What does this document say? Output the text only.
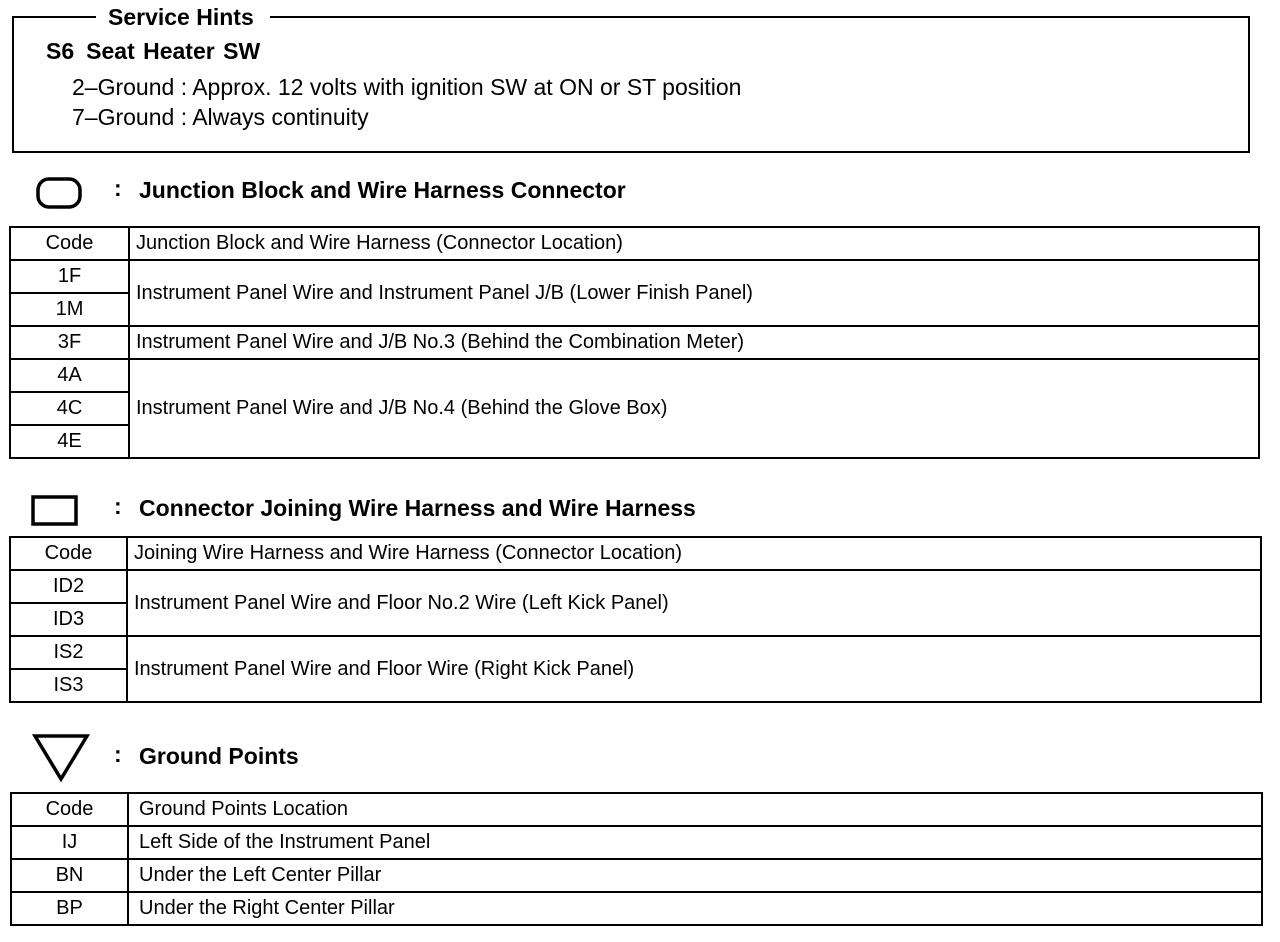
Service Hints
S6 Seat Heater SW
2–Ground : Approx. 12 volts with ignition SW at ON or ST position
7–Ground : Always continuity
: Junction Block and Wire Harness Connector
Code	Junction Block and Wire Harness (Connector Location)
1F	Instrument Panel Wire and Instrument Panel J/B (Lower Finish Panel)
1M	
3F	Instrument Panel Wire and J/B No.3 (Behind the Combination Meter)
4A	Instrument Panel Wire and J/B No.4 (Behind the Glove Box)
4C	
4E	
: Connector Joining Wire Harness and Wire Harness
Code	Joining Wire Harness and Wire Harness (Connector Location)
ID2	Instrument Panel Wire and Floor No.2 Wire (Left Kick Panel)
ID3	
IS2	Instrument Panel Wire and Floor Wire (Right Kick Panel)
IS3	
: Ground Points
Code	Ground Points Location
IJ	Left Side of the Instrument Panel
BN	Under the Left Center Pillar
BP	Under the Right Center Pillar
